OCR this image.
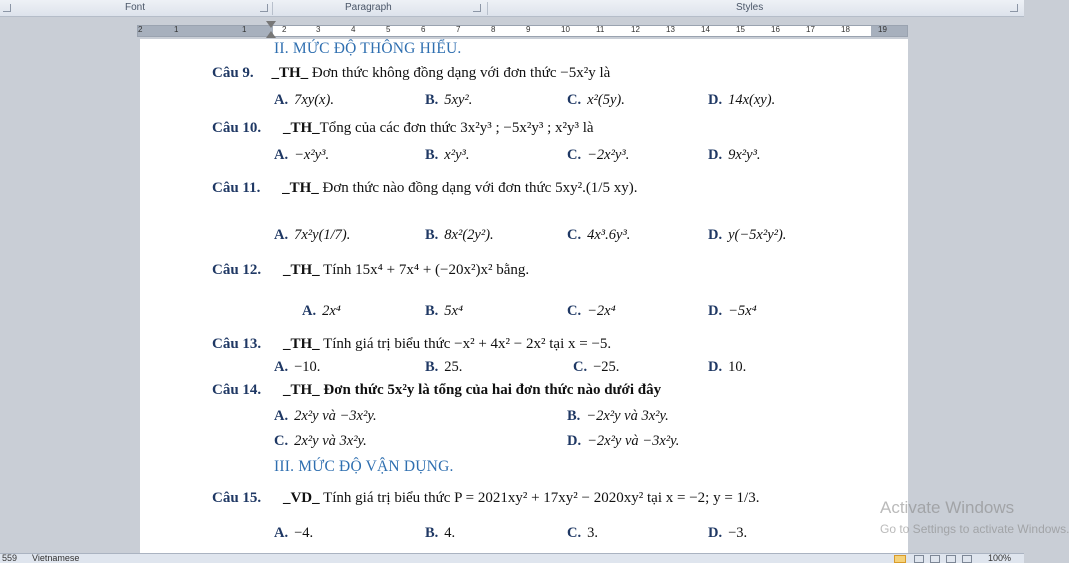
Font	Paragraph	Styles
2	1	1	2	3	4	5	6	7	8	9	10	11	12	13	14	15	16	17	18	19
II. MỨC ĐỘ THÔNG HIỂU.
Câu 9. _TH_ Đơn thức không đồng dạng với đơn thức −5x²y là
A. 7xy(x).	B. 5xy².	C. x²(5y).	D. 14x(xy).
Câu 10. _TH_Tổng của các đơn thức 3x²y³ ; −5x²y³ ; x²y³ là
A. −x²y³.	B. x²y³.	C. −2x²y³.	D. 9x²y³.
Câu 11. _TH_ Đơn thức nào đồng dạng với đơn thức 5xy².(1/5 xy).
A. 7x²y(1/7).	B. 8x²(2y²).	C. 4x³.6y³.	D. y(−5x²y²).
Câu 12. _TH_ Tính 15x⁴ + 7x⁴ + (−20x²)x² bằng.
A. 2x⁴	B. 5x⁴	C. −2x⁴	D. −5x⁴
Câu 13. _TH_ Tính giá trị biểu thức −x² + 4x² − 2x² tại x = −5.
A. −10.	B. 25.	C. −25.	D. 10.
Câu 14. _TH_ Đơn thức 5x²y là tổng của hai đơn thức nào dưới đây
A. 2x²y và −3x²y.	B. −2x²y và 3x²y.
C. 2x²y và 3x²y.	D. −2x²y và −3x²y.
III. MỨC ĐỘ VẬN DỤNG.
Câu 15. _VD_ Tính giá trị biểu thức P = 2021xy² + 17xy² − 2020xy² tại x = −2; y = 1/3.
A. −4.	B. 4.	C. 3.	D. −3.
Activate Windows
Go to Settings to activate Windows.
559 Vietnamese	100%
